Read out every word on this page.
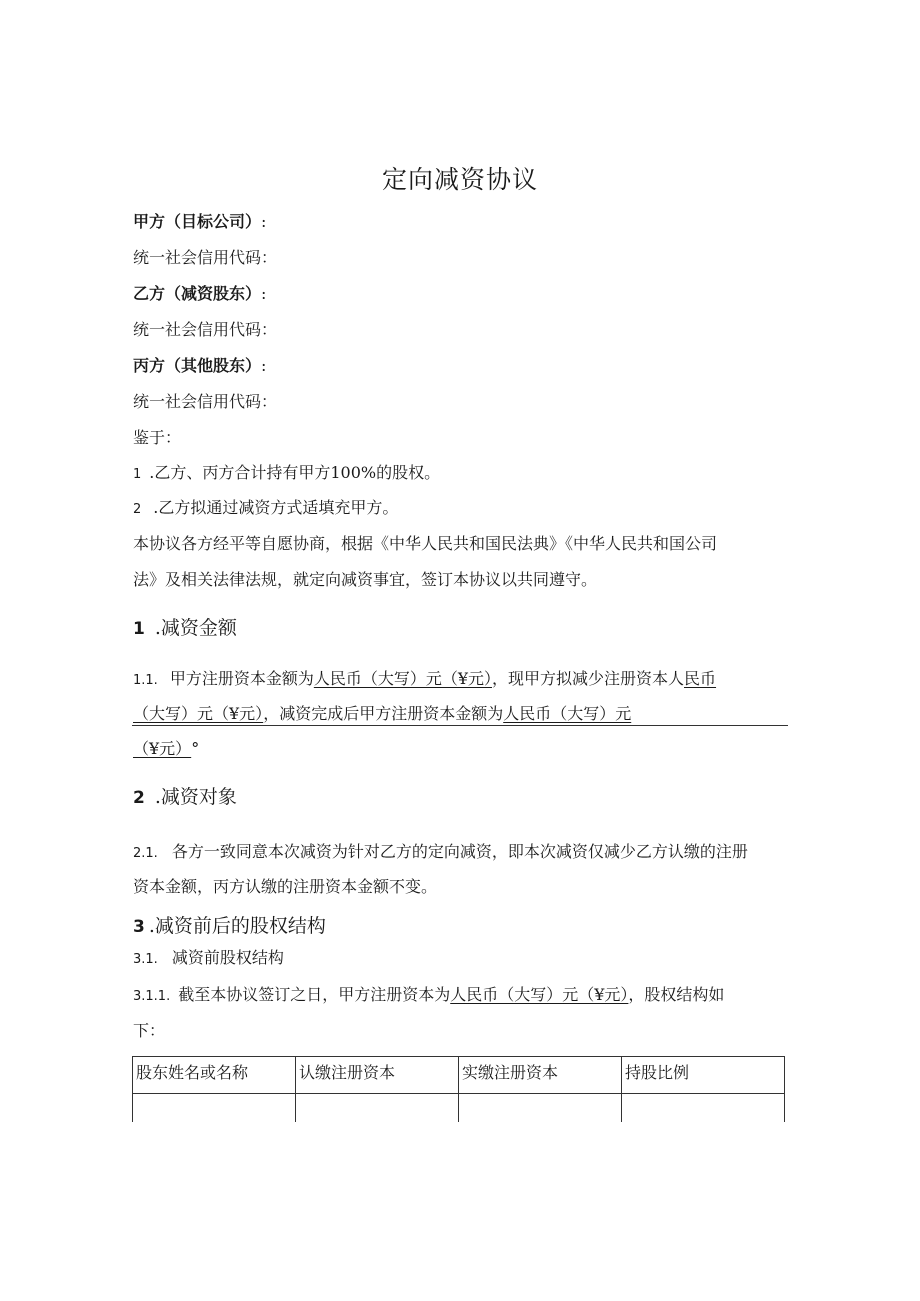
定向减资协议
甲方（目标公司）:
统一社会信用代码：
乙方（减资股东）:
统一社会信用代码：
丙方（其他股东）:
统一社会信用代码：
鉴于：
1 .乙方、丙方合计持有甲方100%的股权。
2 .乙方拟通过减资方式适填充甲方。
本协议各方经平等自愿协商，根据《中华人民共和国民法典》《中华人民共和国公司
法》及相关法律法规，就定向减资事宜，签订本协议以共同遵守。
1 .减资金额
1.1. 甲方注册资本金额为人民币（大写）元（¥元），现甲方拟减少注册资本人民币
（大写）元（¥元），减资完成后甲方注册资本金额为人民币（大写）元
（¥元）°
2 .减资对象
2.1. 各方一致同意本次减资为针对乙方的定向减资，即本次减资仅减少乙方认缴的注册
资本金额，丙方认缴的注册资本金额不变。
3 .减资前后的股权结构
3.1. 减资前股权结构
3.1.1. 截至本协议签订之日，甲方注册资本为人民币（大写）元（¥元），股权结构如
下：
股东姓名或名称	认缴注册资本	实缴注册资本	持股比例
